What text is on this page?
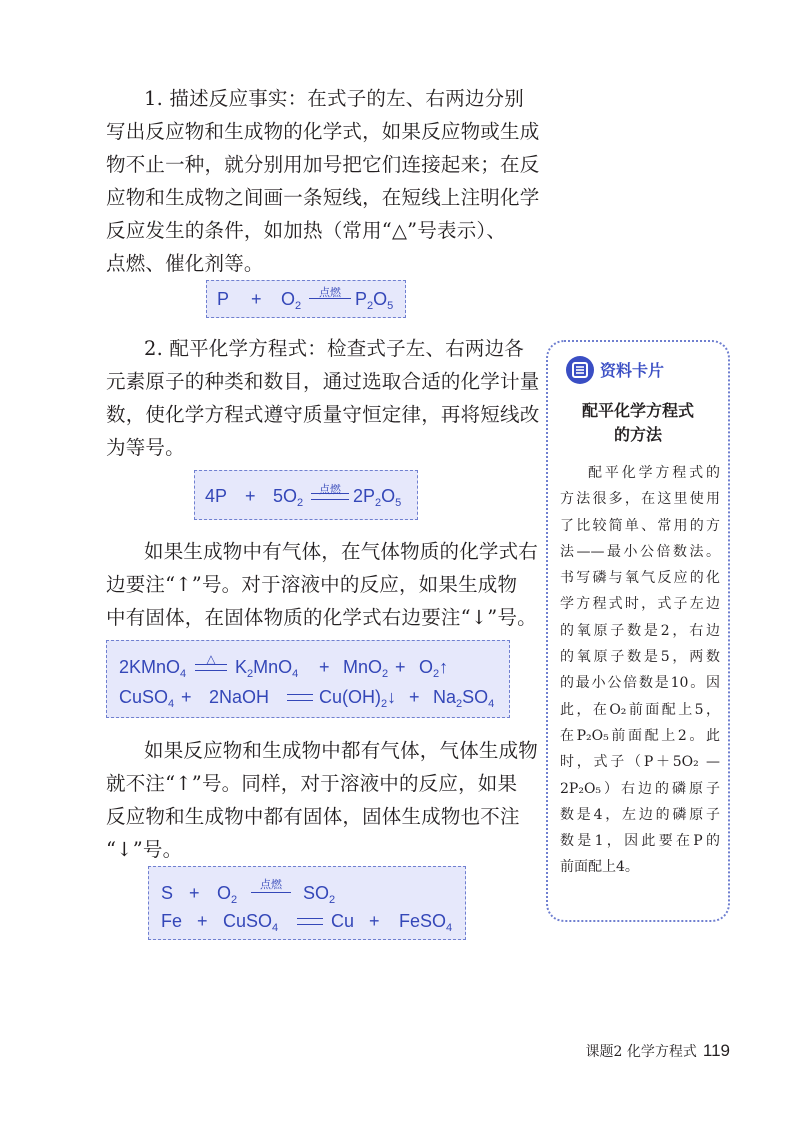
1. 描述反应事实：在式子的左、右两边分别
写出反应物和生成物的化学式，如果反应物或生成
物不止一种，就分别用加号把它们连接起来；在反
应物和生成物之间画一条短线，在短线上注明化学
反应发生的条件，如加热（常用“△”号表示）、
点燃、催化剂等。

$P + O_2$
点燃 $P_2O_5$

2. 配平化学方程式：检查式子左、右两边各
元素原子的种类和数目，通过选取合适的化学计量
数，使化学方程式遵守质量守恒定律，再将短线改
为等号。

$4P + 5O_2$
点燃 $2P_2O_5$

如果生成物中有气体，在气体物质的化学式右
边要注“↑”号。对于溶液中的反应，如果生成物
中有固体，在固体物质的化学式右边要注“↓”号。

2KMnO$_4$
△	$K_2MnO_4 + MnO_2$ + $O_2↑$
CuSO$_4$ + 2NaOH	$Cu(OH)_2↓ + Na_2SO_4$

如果反应物和生成物中都有气体，气体生成物
就不注“↑”号。同样，对于溶液中的反应，如果
反应物和生成物中都有固体，固体生成物也不注
“↓”号。

$S + O_2$
点燃	$SO_2$
Fe + CuSO$_4$	Cu + FeSO$_4$
资料卡片
配平化学方程式
的方法
配平化学方程式的
方法很多，在这里使用
了比较简单、常用的方
法——最小公倍数法。
书写磷与氧气反应的化
学方程式时，式子左边
的氧原子数是2，右边
的氧原子数是5，两数
的最小公倍数是10。因
此，在O₂前面配上5，
在P₂O₅前面配上2。此
时，式子（P＋5O₂ —
2P₂O₅）右边的磷原子
数是4，左边的磷原子
数是1，因此要在P的
前面配上4。
课题2 化学方程式 119
